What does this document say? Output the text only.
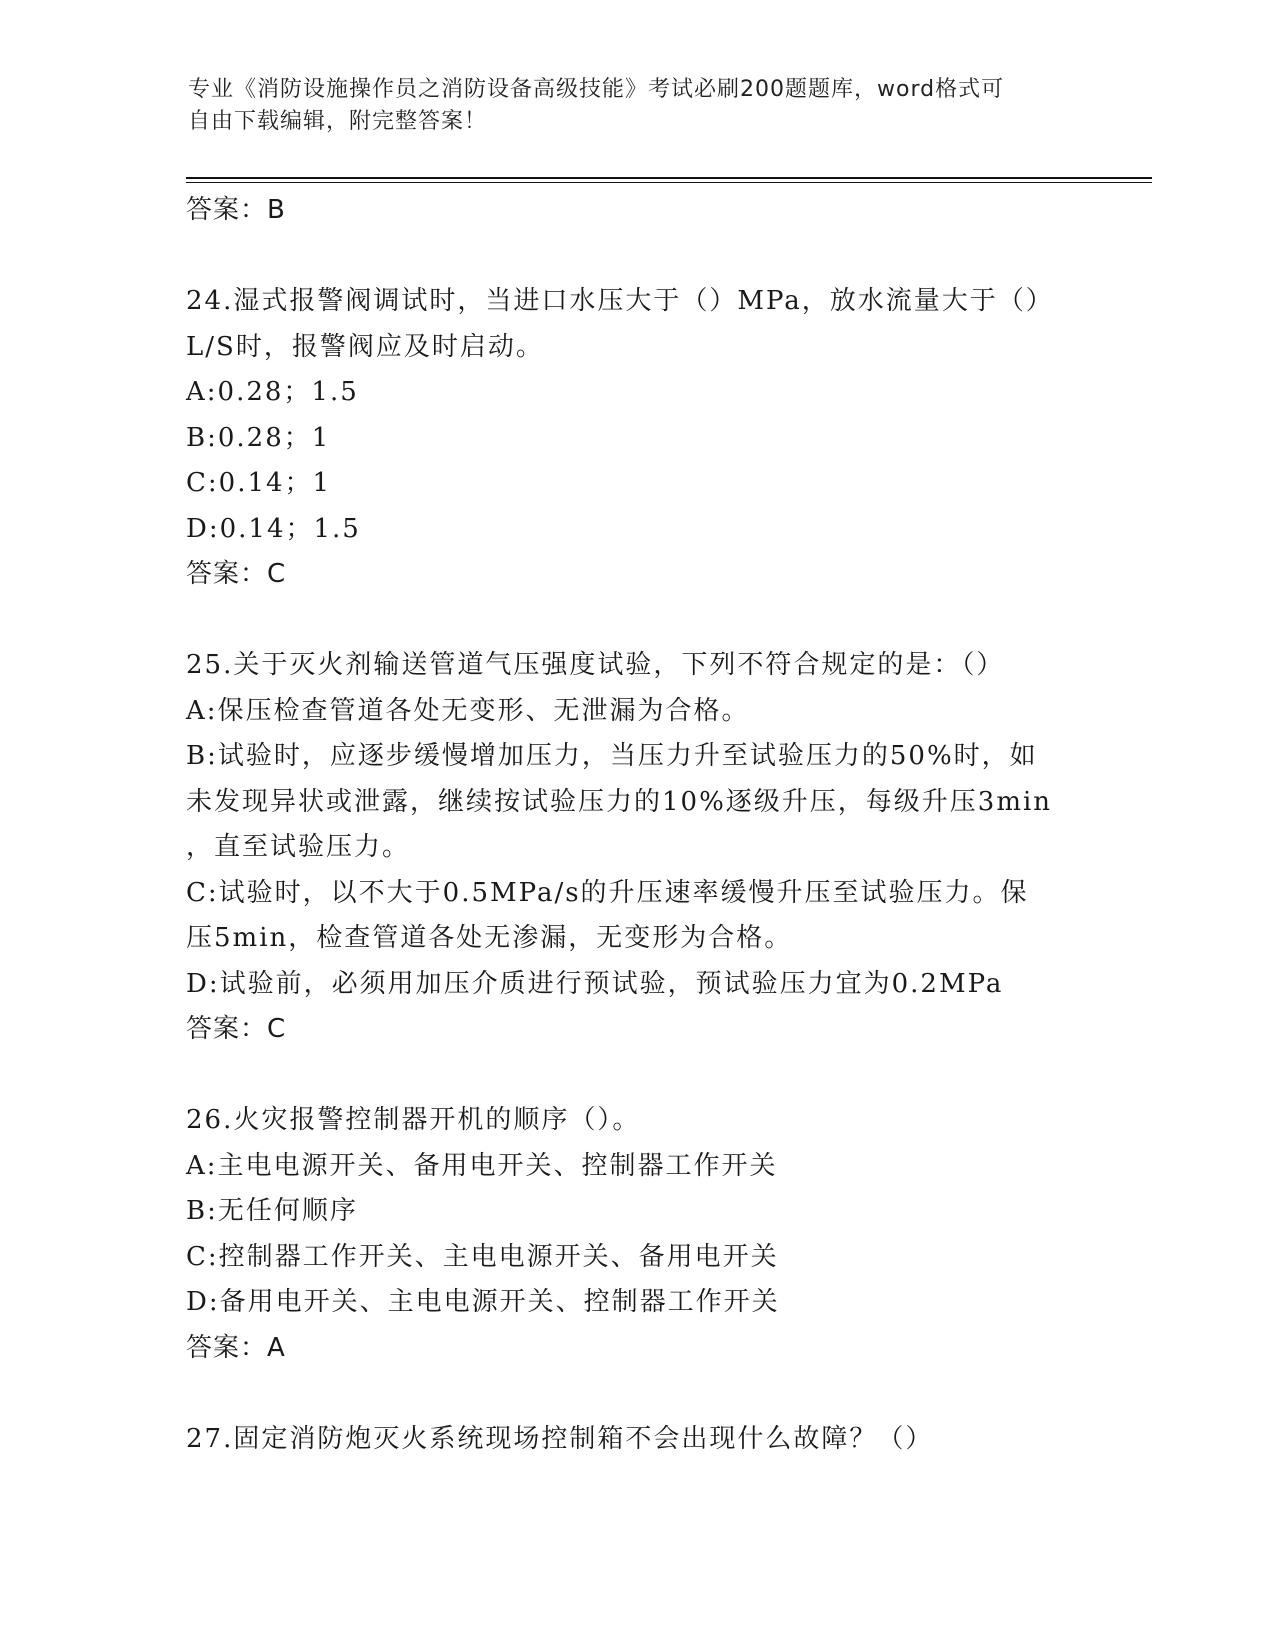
专业《消防设施操作员之消防设备高级技能》考试必刷200题题库，word格式可
自由下载编辑，附完整答案！
答案：B
24.湿式报警阀调试时，当进口水压大于（）MPa，放水流量大于（）
L/S时，报警阀应及时启动。
A:0.28；1.5
B:0.28；1
C:0.14；1
D:0.14；1.5
答案：C
25.关于灭火剂输送管道气压强度试验，下列不符合规定的是：（）
A:保压检查管道各处无变形、无泄漏为合格。
B:试验时，应逐步缓慢增加压力，当压力升至试验压力的50%时，如
未发现异状或泄露，继续按试验压力的10%逐级升压，每级升压3min
，直至试验压力。
C:试验时，以不大于0.5MPa/s的升压速率缓慢升压至试验压力。保
压5min，检查管道各处无渗漏，无变形为合格。
D:试验前，必须用加压介质进行预试验，预试验压力宜为0.2MPa
答案：C
26.火灾报警控制器开机的顺序（）。
A:主电电源开关、备用电开关、控制器工作开关
B:无任何顺序
C:控制器工作开关、主电电源开关、备用电开关
D:备用电开关、主电电源开关、控制器工作开关
答案：A
27.固定消防炮灭火系统现场控制箱不会出现什么故障？（）
